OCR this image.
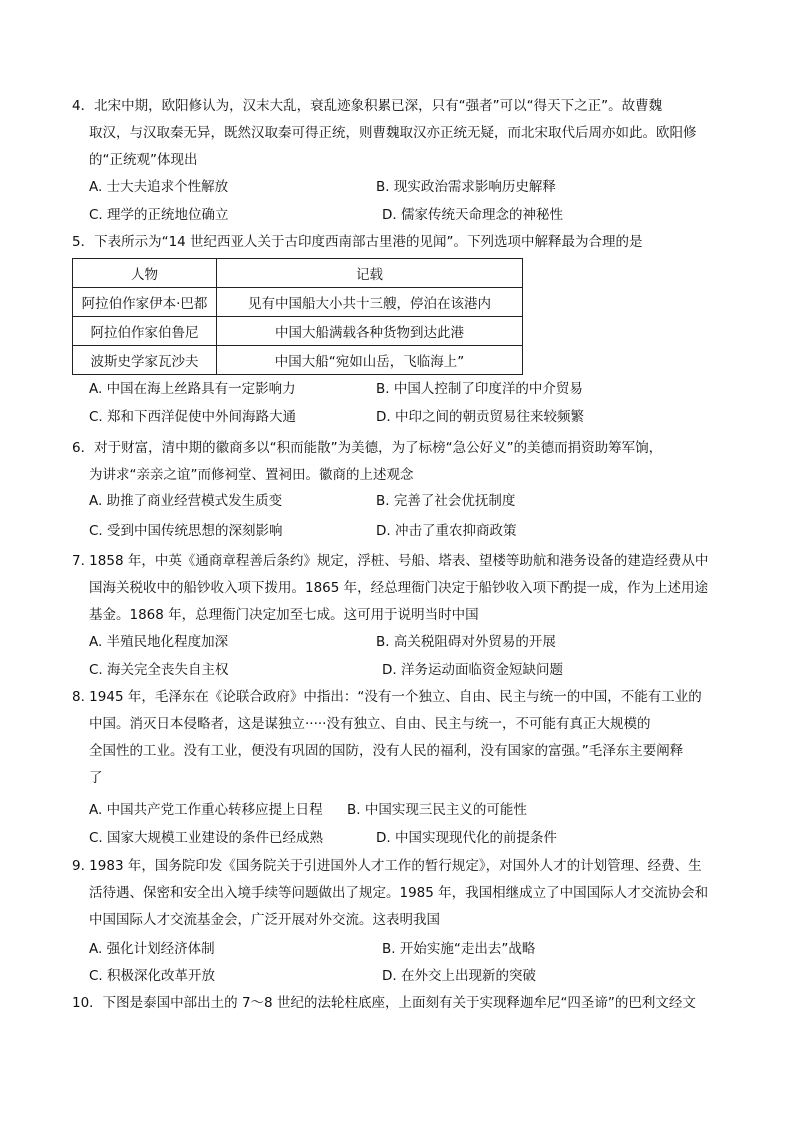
4．北宋中期，欧阳修认为，汉末大乱，衰乱迹象积累已深，只有“强者”可以“得天下之正”。故曹魏
取汉，与汉取秦无异，既然汉取秦可得正统，则曹魏取汉亦正统无疑，而北宋取代后周亦如此。欧阳修
的“正统观”体现出
A. 士大夫追求个性解放	B. 现实政治需求影响历史解释
C. 理学的正统地位确立	D. 儒家传统天命理念的神秘性
5．下表所示为“14 世纪西亚人关于古印度西南部古里港的见闻”。下列选项中解释最为合理的是
人物	记载
阿拉伯作家伊本·巴都	见有中国船大小共十三艘，停泊在该港内
阿拉伯作家伯鲁尼	中国大船满载各种货物到达此港
波斯史学家瓦沙夫	中国大船“宛如山岳，飞临海上”
A. 中国在海上丝路具有一定影响力	B. 中国人控制了印度洋的中介贸易
C. 郑和下西洋促使中外间海路大通	D. 中印之间的朝贡贸易往来较频繁
6．对于财富，清中期的徽商多以“积而能散”为美德，为了标榜“急公好义”的美德而捐资助筹军饷，
为讲求“亲亲之谊”而修祠堂、置祠田。徽商的上述观念
A. 助推了商业经营模式发生质变	B. 完善了社会优抚制度
C. 受到中国传统思想的深刻影响	D. 冲击了重农抑商政策
7. 1858 年，中英《通商章程善后条约》规定，浮桩、号船、塔表、望楼等助航和港务设备的建造经费从中
国海关税收中的船钞收入项下拨用。1865 年，经总理衙门决定于船钞收入项下酌提一成，作为上述用途
基金。1868 年，总理衙门决定加至七成。这可用于说明当时中国
A. 半殖民地化程度加深	B. 高关税阻碍对外贸易的开展
C. 海关完全丧失自主权	D. 洋务运动面临资金短缺问题
8. 1945 年，毛泽东在《论联合政府》中指出：“没有一个独立、自由、民主与统一的中国，不能有工业的
中国。消灭日本侵略者，这是谋独立·····没有独立、自由、民主与统一，不可能有真正大规模的
全国性的工业。没有工业，便没有巩固的国防，没有人民的福利，没有国家的富强。”毛泽东主要阐释
了
A. 中国共产党工作重心转移应提上日程 B. 中国实现三民主义的可能性
C. 国家大规模工业建设的条件已经成熟	D. 中国实现现代化的前提条件
9. 1983 年，国务院印发《国务院关于引进国外人才工作的暂行规定》，对国外人才的计划管理、经费、生
活待遇、保密和安全出入境手续等问题做出了规定。1985 年，我国相继成立了中国国际人才交流协会和
中国国际人才交流基金会，广泛开展对外交流。这表明我国
A. 强化计划经济体制	B. 开始实施“走出去”战略
C. 积极深化改革开放	D. 在外交上出现新的突破
10．下图是泰国中部出土的 7～8 世纪的法轮柱底座，上面刻有关于实现释迦牟尼“四圣谛”的巴利文经文
